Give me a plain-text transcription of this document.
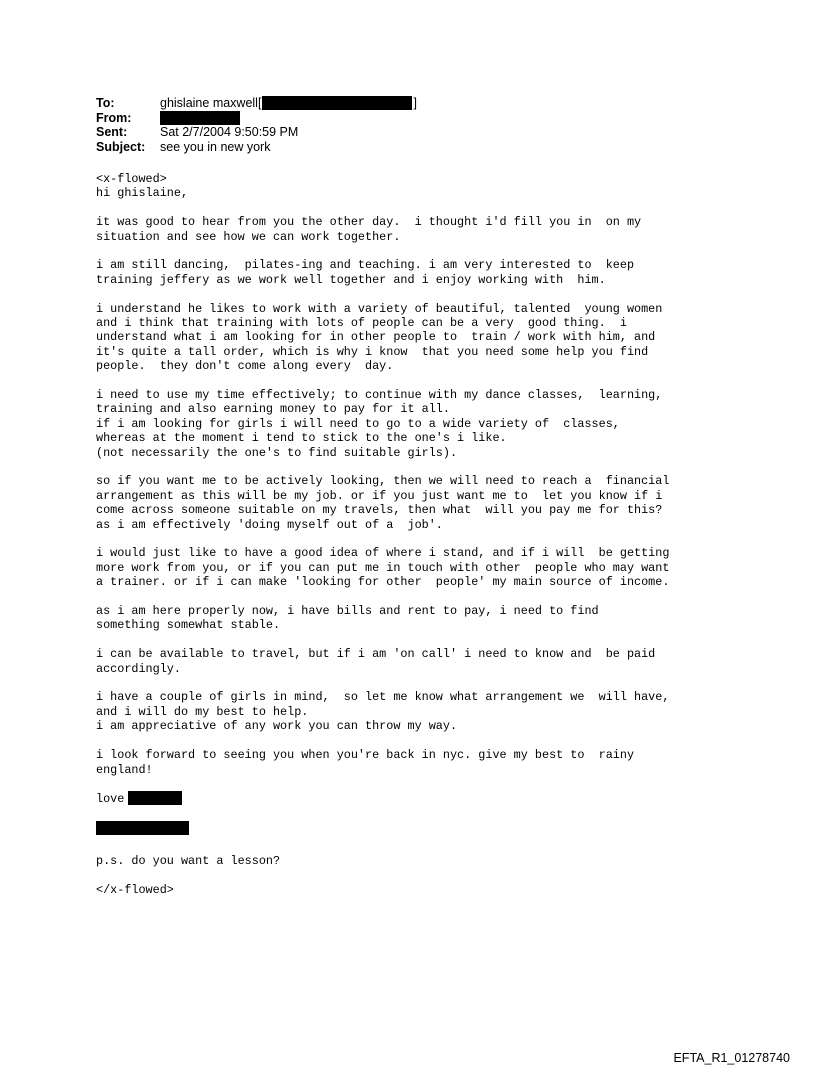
To:	ghislaine maxwell[	]
From:
Sent:	Sat 2/7/2004 9:50:59 PM
Subject:	see you in new york

<x-flowed>
hi ghislaine,

it was good to hear from you the other day.  i thought i'd fill you in  on my
situation and see how we can work together.

i am still dancing,  pilates-ing and teaching. i am very interested to  keep
training jeffery as we work well together and i enjoy working with  him.

i understand he likes to work with a variety of beautiful, talented  young women
and i think that training with lots of people can be a very  good thing.  i
understand what i am looking for in other people to  train / work with him, and
it's quite a tall order, which is why i know  that you need some help you find
people.  they don't come along every  day.

i need to use my time effectively; to continue with my dance classes,  learning,
training and also earning money to pay for it all.
if i am looking for girls i will need to go to a wide variety of  classes,
whereas at the moment i tend to stick to the one's i like.
(not necessarily the one's to find suitable girls).

so if you want me to be actively looking, then we will need to reach a  financial
arrangement as this will be my job. or if you just want me to  let you know if i
come across someone suitable on my travels, then what  will you pay me for this?
as i am effectively 'doing myself out of a  job'.

i would just like to have a good idea of where i stand, and if i will  be getting
more work from you, or if you can put me in touch with other  people who may want
a trainer. or if i can make 'looking for other  people' my main source of income.

as i am here properly now, i have bills and rent to pay, i need to find
something somewhat stable.

i can be available to travel, but if i am 'on call' i need to know and  be paid
accordingly.

i have a couple of girls in mind,  so let me know what arrangement we  will have,
and i will do my best to help.
i am appreciative of any work you can throw my way.

i look forward to seeing you when you're back in nyc. give my best to  rainy
england!

love

p.s. do you want a lesson?

</x-flowed>

EFTA_R1_01278740
